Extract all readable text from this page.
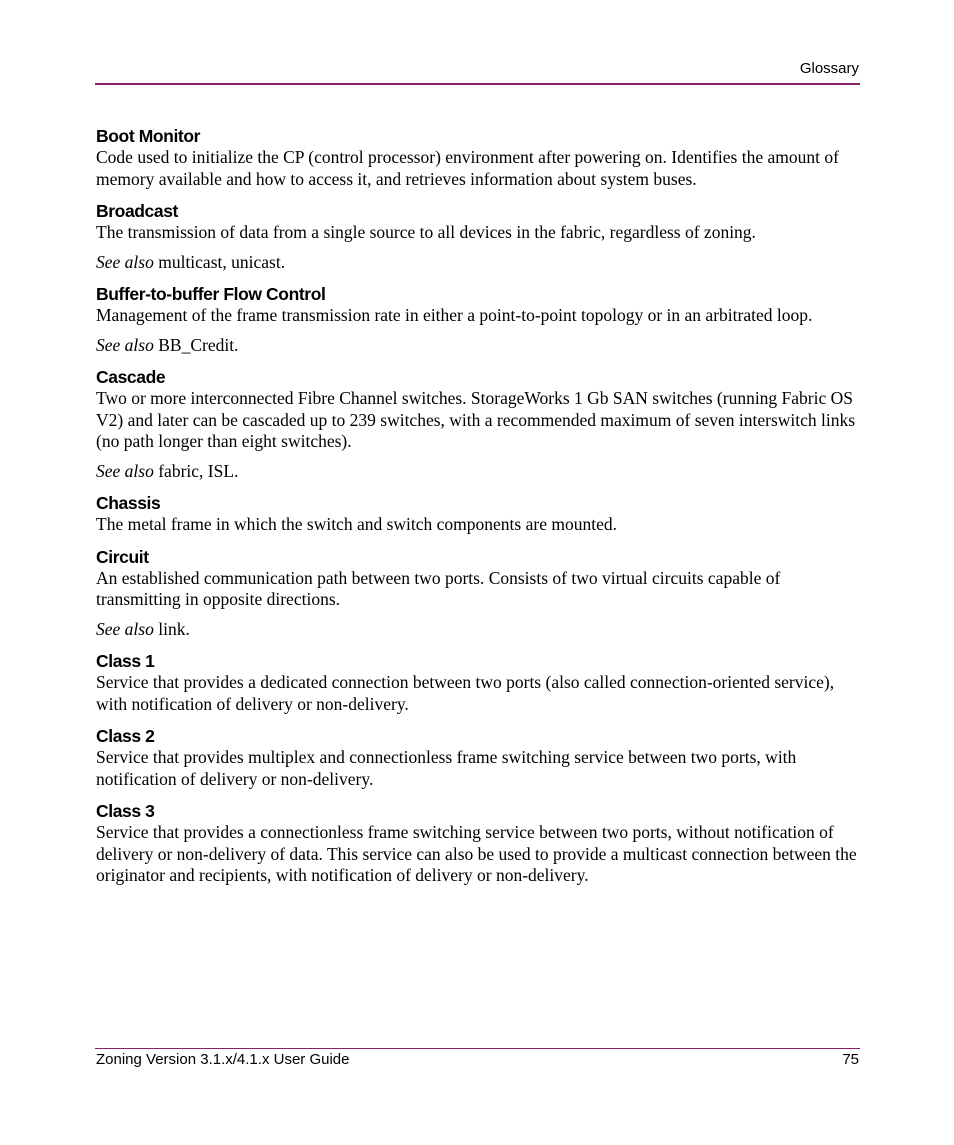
Glossary

Boot Monitor

Code used to initialize the CP (control processor) environment after powering on. Identifies the amount of memory available and how to access it, and retrieves information about system buses.

Broadcast

The transmission of data from a single source to all devices in the fabric, regardless of zoning.

See also multicast, unicast.

Buffer-to-buffer Flow Control

Management of the frame transmission rate in either a point-to-point topology or in an arbitrated loop.

See also BB_Credit.

Cascade

Two or more interconnected Fibre Channel switches. StorageWorks 1 Gb SAN switches (running Fabric OS V2) and later can be cascaded up to 239 switches, with a recommended maximum of seven interswitch links (no path longer than eight switches).

See also fabric, ISL.

Chassis

The metal frame in which the switch and switch components are mounted.

Circuit

An established communication path between two ports. Consists of two virtual circuits capable of transmitting in opposite directions.

See also link.

Class 1

Service that provides a dedicated connection between two ports (also called connection-oriented service), with notification of delivery or non-delivery.

Class 2

Service that provides multiplex and connectionless frame switching service between two ports, with notification of delivery or non-delivery.

Class 3

Service that provides a connectionless frame switching service between two ports, without notification of delivery or non-delivery of data. This service can also be used to provide a multicast connection between the originator and recipients, with notification of delivery or non-delivery.

Zoning Version 3.1.x/4.1.x User Guide	75
